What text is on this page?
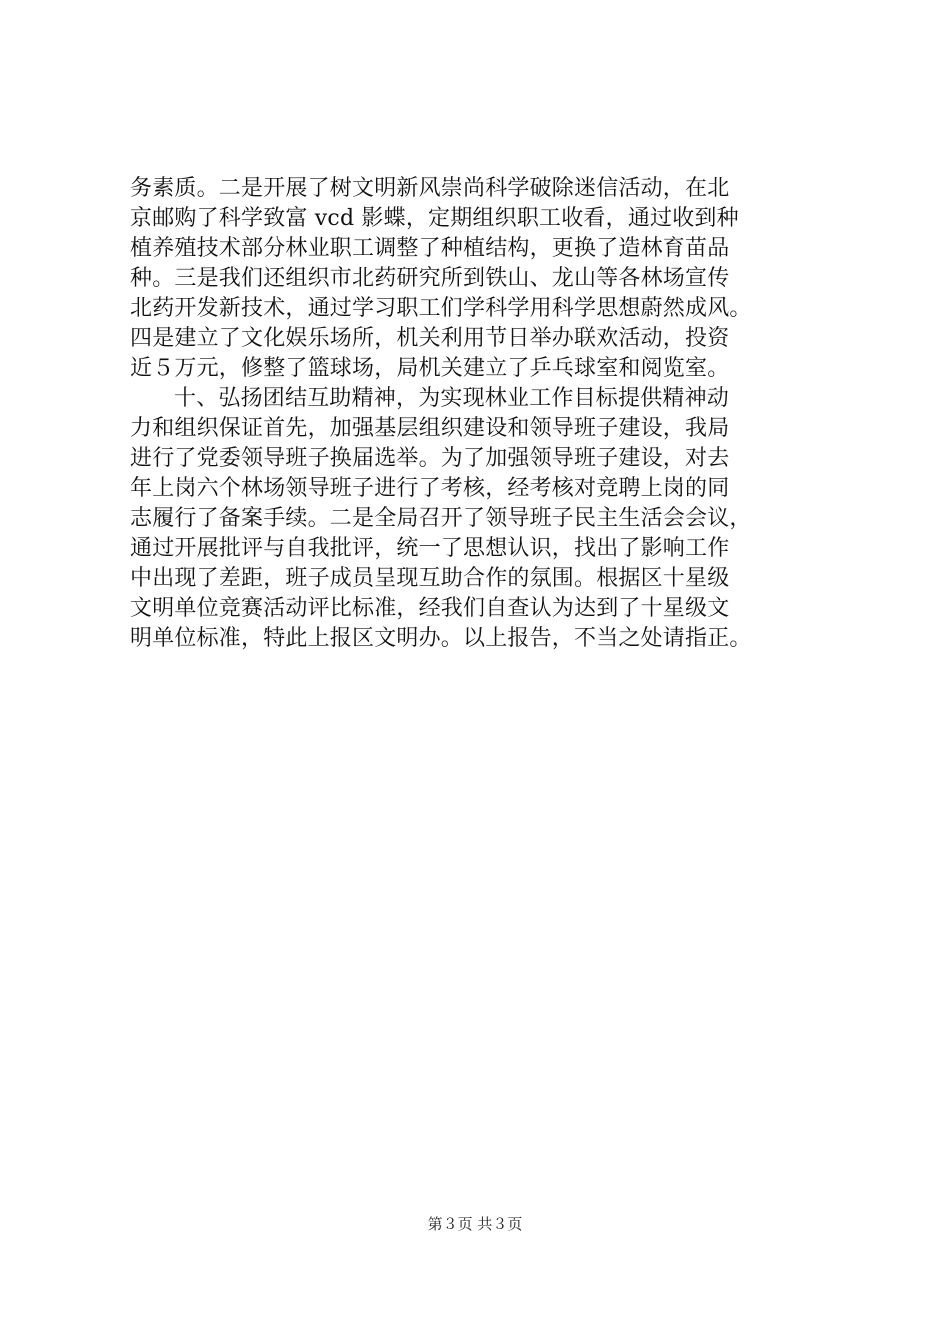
务素质。二是开展了树文明新风崇尚科学破除迷信活动，在北
京邮购了科学致富 vcd 影蝶，定期组织职工收看，通过收到种
植养殖技术部分林业职工调整了种植结构，更换了造林育苗品
种。三是我们还组织市北药研究所到铁山、龙山等各林场宣传
北药开发新技术，通过学习职工们学科学用科学思想蔚然成风。
四是建立了文化娱乐场所，机关利用节日举办联欢活动，投资
近５万元，修整了篮球场，局机关建立了乒乓球室和阅览室。
十、弘扬团结互助精神，为实现林业工作目标提供精神动
力和组织保证首先，加强基层组织建设和领导班子建设，我局
进行了党委领导班子换届选举。为了加强领导班子建设，对去
年上岗六个林场领导班子进行了考核，经考核对竞聘上岗的同
志履行了备案手续。二是全局召开了领导班子民主生活会会议，
通过开展批评与自我批评，统一了思想认识，找出了影响工作
中出现了差距，班子成员呈现互助合作的氛围。根据区十星级
文明单位竞赛活动评比标准，经我们自查认为达到了十星级文
明单位标准，特此上报区文明办。以上报告，不当之处请指正。
第３页 共３页
